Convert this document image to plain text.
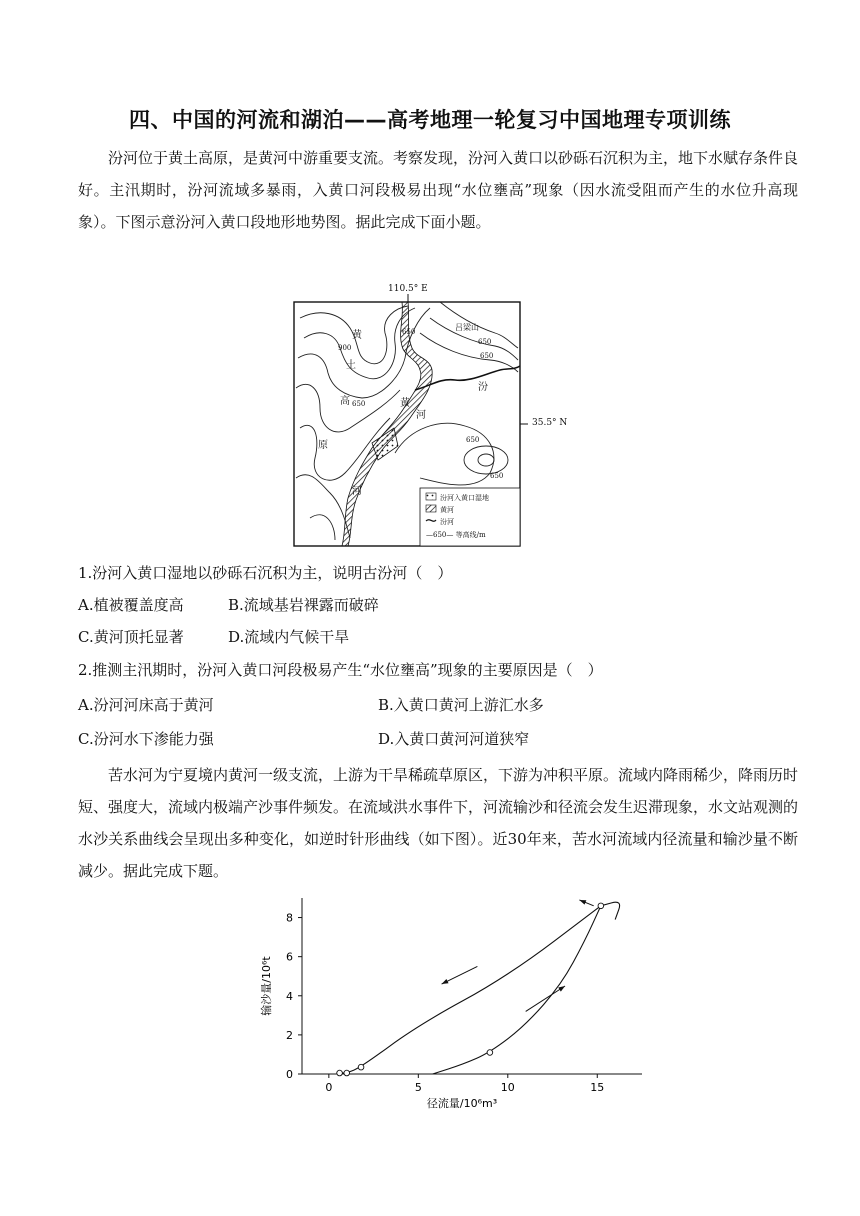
四、中国的河流和湖泊——高考地理一轮复习中国地理专项训练

汾河位于黄土高原，是黄河中游重要支流。考察发现，汾河入黄口以砂砾石沉积为主，地下水赋存条件良好。主汛期时，汾河流域多暴雨，入黄口河段极易出现“水位壅高”现象（因水流受阻而产生的水位升高现象）。下图示意汾河入黄口段地形地势图。据此完成下面小题。

110.5° E
黄
土
高
原
吕梁山
黄
河
河
汾
650
900
650
650
650
650
650
汾河入黄口湿地
黄河
汾河
—650— 等高线/m
35.5° N
1.汾河入黄口湿地以砂砾石沉积为主，说明古汾河（　）
A.植被覆盖度高	B.流域基岩裸露而破碎
C.黄河顶托显著	D.流域内气候干旱
2.推测主汛期时，汾河入黄口河段极易产生“水位壅高”现象的主要原因是（　）
A.汾河河床高于黄河	B.入黄口黄河上游汇水多
C.汾河水下渗能力强	D.入黄口黄河河道狭窄

苦水河为宁夏境内黄河一级支流，上游为干旱稀疏草原区，下游为冲积平原。流域内降雨稀少，降雨历时短、强度大，流域内极端产沙事件频发。在流域洪水事件下，河流输沙和径流会发生迟滞现象，水文站观测的水沙关系曲线会呈现出多种变化，如逆时针形曲线（如下图）。近30年来，苦水河流域内径流量和输沙量不断减少。据此完成下题。

0	5	10	15
0
2
4
6
8
径流量/10⁶m³
输沙量/10⁶t
